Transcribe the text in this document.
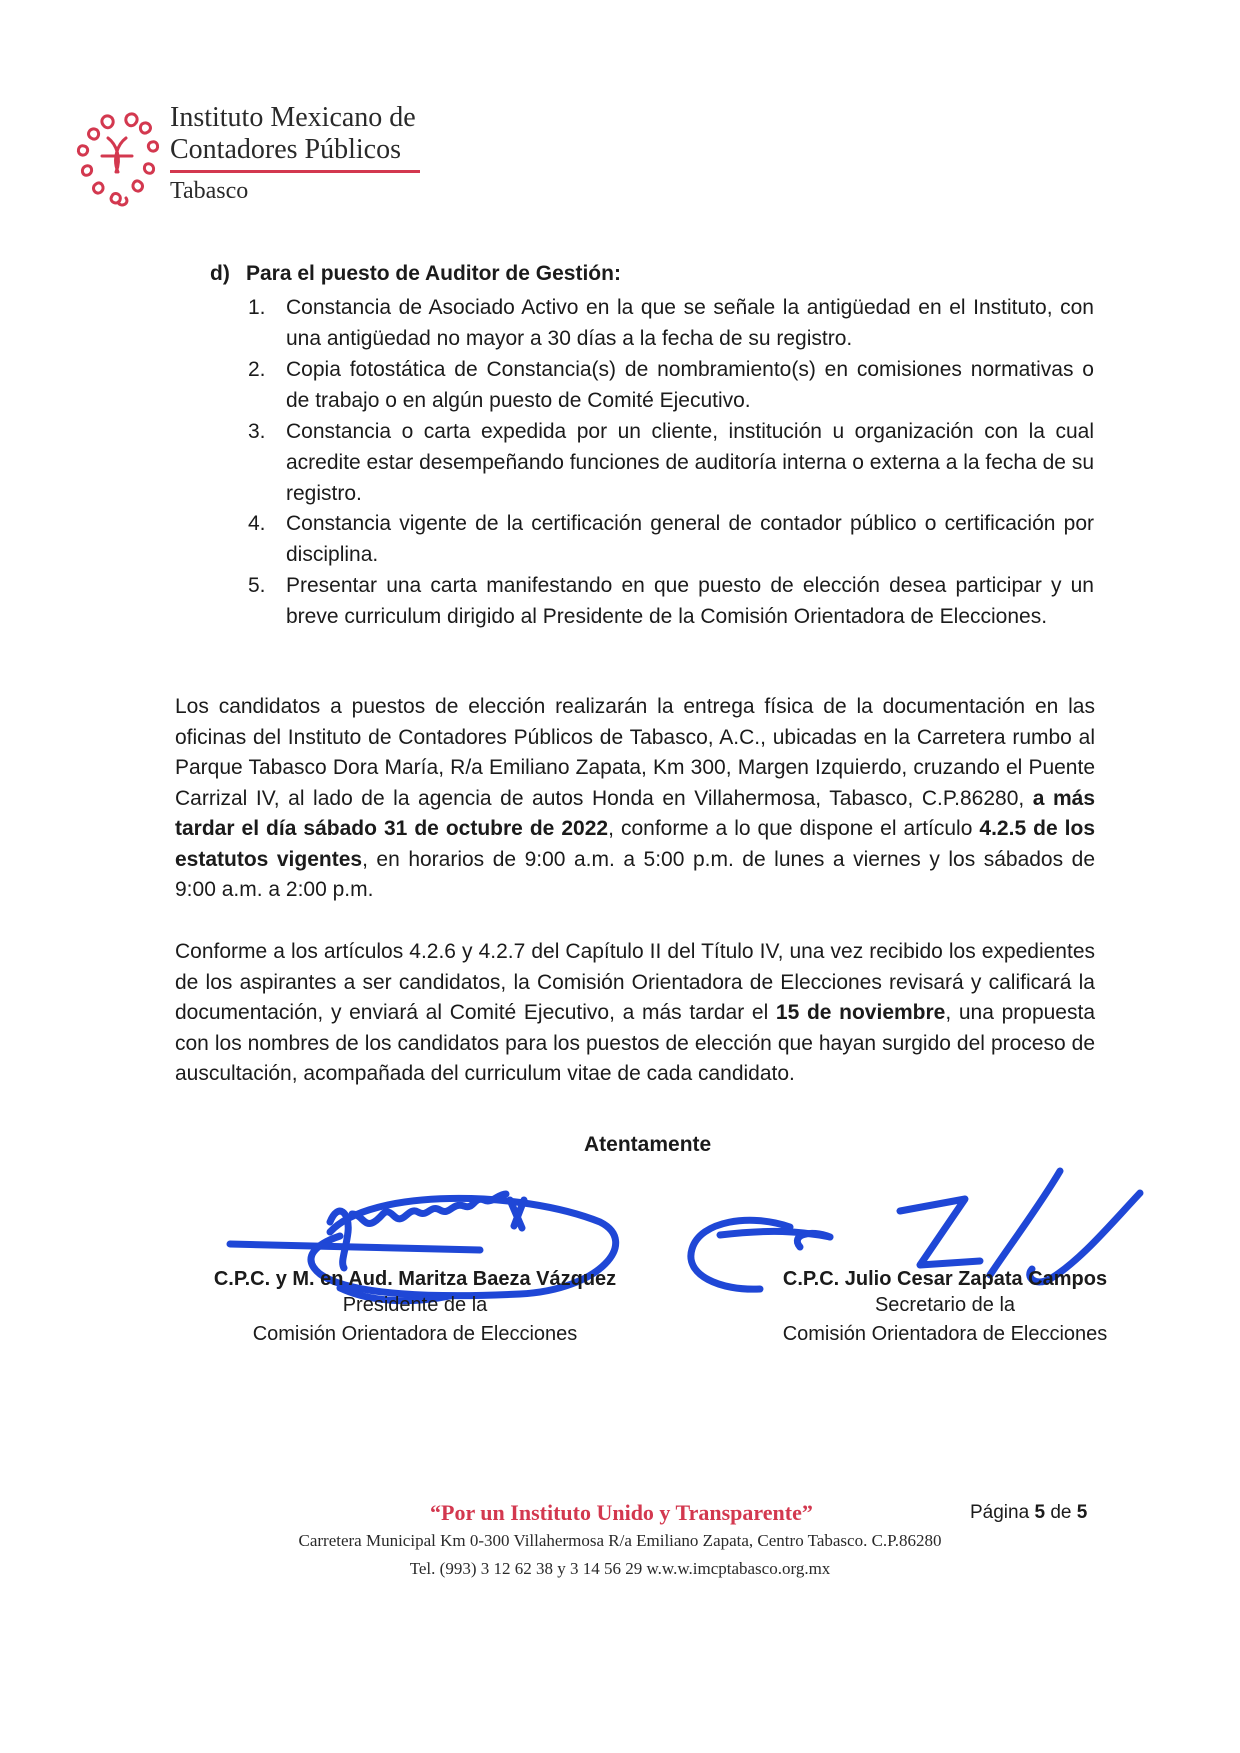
Instituto Mexicano de
Contadores Públicos
Tabasco
d) Para el puesto de Auditor de Gestión:
1. Constancia de Asociado Activo en la que se señale la antigüedad en el Instituto, con una antigüedad no mayor a 30 días a la fecha de su registro.
2. Copia fotostática de Constancia(s) de nombramiento(s) en comisiones normativas o de trabajo o en algún puesto de Comité Ejecutivo.
3. Constancia o carta expedida por un cliente, institución u organización con la cual acredite estar desempeñando funciones de auditoría interna o externa a la fecha de su registro.
4. Constancia vigente de la certificación general de contador público o certificación por disciplina.
5. Presentar una carta manifestando en que puesto de elección desea participar y un breve curriculum dirigido al Presidente de la Comisión Orientadora de Elecciones.
Los candidatos a puestos de elección realizarán la entrega física de la documentación en las oficinas del Instituto de Contadores Públicos de Tabasco, A.C., ubicadas en la Carretera rumbo al Parque Tabasco Dora María, R/a Emiliano Zapata, Km 300, Margen Izquierdo, cruzando el Puente Carrizal IV, al lado de la agencia de autos Honda en Villahermosa, Tabasco, C.P.86280, a más tardar el día sábado 31 de octubre de 2022, conforme a lo que dispone el artículo 4.2.5 de los estatutos vigentes, en horarios de 9:00 a.m. a 5:00 p.m. de lunes a viernes y los sábados de 9:00 a.m. a 2:00 p.m.
Conforme a los artículos 4.2.6 y 4.2.7 del Capítulo II del Título IV, una vez recibido los expedientes de los aspirantes a ser candidatos, la Comisión Orientadora de Elecciones revisará y calificará la documentación, y enviará al Comité Ejecutivo, a más tardar el 15 de noviembre, una propuesta con los nombres de los candidatos para los puestos de elección que hayan surgido del proceso de auscultación, acompañada del curriculum vitae de cada candidato.
Atentamente
C.P.C. y M. en Aud. Maritza Baeza Vázquez
Presidente de la
Comisión Orientadora de Elecciones
C.P.C. Julio Cesar Zapata Campos
Secretario de la
Comisión Orientadora de Elecciones
“Por un Instituto Unido y Transparente”	Página 5 de 5
Carretera Municipal Km 0-300 Villahermosa R/a Emiliano Zapata, Centro Tabasco. C.P.86280
Tel. (993) 3 12 62 38 y 3 14 56 29 w.w.w.imcptabasco.org.mx
